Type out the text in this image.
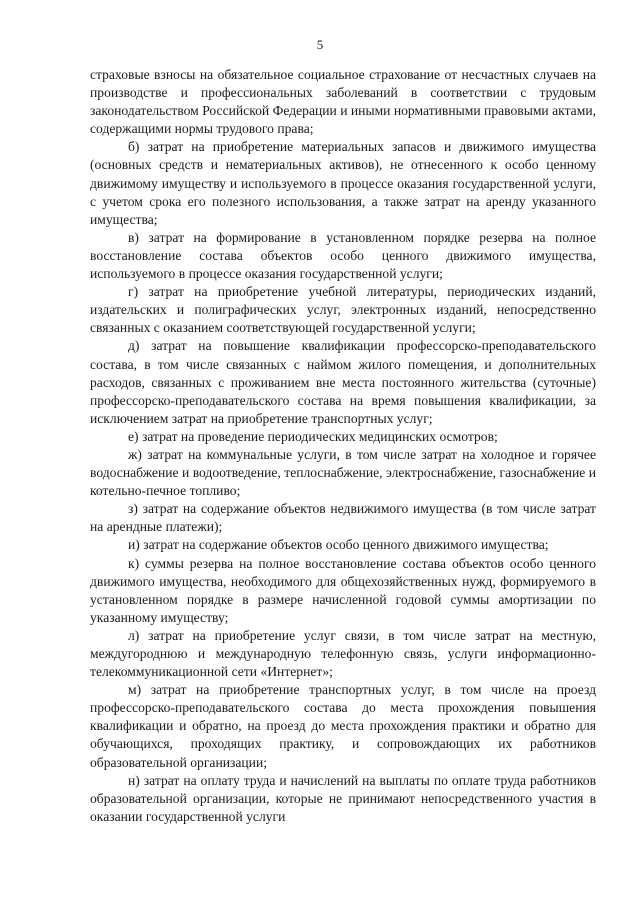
5

страховые взносы на обязательное социальное страхование от несчастных случаев на производстве и профессиональных заболеваний в соответствии с трудовым законодательством Российской Федерации и иными нормативными правовыми актами, содержащими нормы трудового права;

б) затрат на приобретение материальных запасов и движимого имущества (основных средств и нематериальных активов), не отнесенного к особо ценному движимому имуществу и используемого в процессе оказания государственной услуги, с учетом срока его полезного использования, а также затрат на аренду указанного имущества;

в) затрат на формирование в установленном порядке резерва на полное восстановление состава объектов особо ценного движимого имущества, используемого в процессе оказания государственной услуги;

г) затрат на приобретение учебной литературы, периодических изданий, издательских и полиграфических услуг, электронных изданий, непосредственно связанных с оказанием соответствующей государственной услуги;

д) затрат на повышение квалификации профессорско-преподавательского состава, в том числе связанных с наймом жилого помещения, и дополнительных расходов, связанных с проживанием вне места постоянного жительства (суточные) профессорско-преподавательского состава на время повышения квалификации, за исключением затрат на приобретение транспортных услуг;

е) затрат на проведение периодических медицинских осмотров;

ж) затрат на коммунальные услуги, в том числе затрат на холодное и горячее водоснабжение и водоотведение, теплоснабжение, электроснабжение, газоснабжение и котельно-печное топливо;

з) затрат на содержание объектов недвижимого имущества (в том числе затрат на арендные платежи);

и) затрат на содержание объектов особо ценного движимого имущества;

к) суммы резерва на полное восстановление состава объектов особо ценного движимого имущества, необходимого для общехозяйственных нужд, формируемого в установленном порядке в размере начисленной годовой суммы амортизации по указанному имуществу;

л) затрат на приобретение услуг связи, в том числе затрат на местную, междугороднюю и международную телефонную связь, услуги информационно-телекоммуникационной сети «Интернет»;

м) затрат на приобретение транспортных услуг, в том числе на проезд профессорско-преподавательского состава до места прохождения повышения квалификации и обратно, на проезд до места прохождения практики и обратно для обучающихся, проходящих практику, и сопровождающих их работников образовательной организации;

н) затрат на оплату труда и начислений на выплаты по оплате труда работников образовательной организации, которые не принимают непосредственного участия в оказании государственной услуги
